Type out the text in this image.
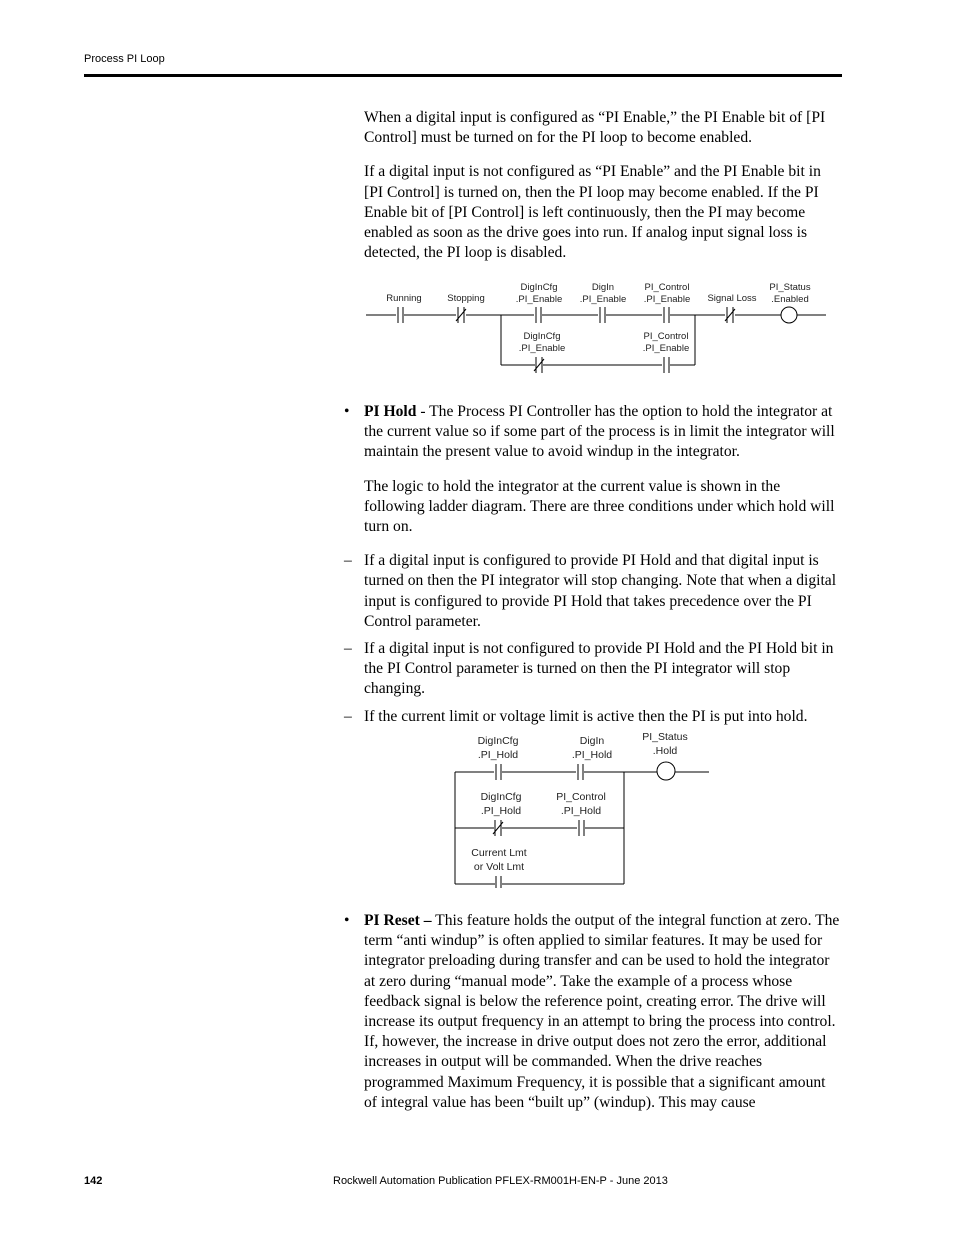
Process PI Loop

When a digital input is configured as “PI Enable,” the PI Enable bit of [PI Control] must be turned on for the PI loop to become enabled.

If a digital input is not configured as “PI Enable” and the PI Enable bit in [PI Control] is turned on, then the PI loop may become enabled. If the PI Enable bit of [PI Control] is left continuously, then the PI may become enabled as soon as the drive goes into run. If analog input signal loss is detected, the PI loop is disabled.

Running	Stopping
DigInCfg
.PI_Enable
DigIn
.PI_Enable
PI_Control
.PI_Enable Signal Loss
PI_Status
.Enabled
DigInCfg
.PI_Enable
PI_Control
.PI_Enable

• PI Hold - The Process PI Controller has the option to hold the integrator at the current value so if some part of the process is in limit the integrator will maintain the present value to avoid windup in the integrator.

The logic to hold the integrator at the current value is shown in the following ladder diagram. There are three conditions under which hold will turn on.

– If a digital input is configured to provide PI Hold and that digital input is turned on then the PI integrator will stop changing. Note that when a digital input is configured to provide PI Hold that takes precedence over the PI Control parameter.

– If a digital input is not configured to provide PI Hold and the PI Hold bit in the PI Control parameter is turned on then the PI integrator will stop changing.

– If the current limit or voltage limit is active then the PI is put into hold.

DigInCfg
.PI_Hold
DigIn
.PI_Hold
PI_Status
.Hold
DigInCfg
.PI_Hold
PI_Control
.PI_Hold
Current Lmt
or Volt Lmt

• PI Reset – This feature holds the output of the integral function at zero. The term “anti windup” is often applied to similar features. It may be used for integrator preloading during transfer and can be used to hold the integrator at zero during “manual mode”. Take the example of a process whose feedback signal is below the reference point, creating error. The drive will increase its output frequency in an attempt to bring the process into control. If, however, the increase in drive output does not zero the error, additional increases in output will be commanded. When the drive reaches programmed Maximum Frequency, it is possible that a significant amount of integral value has been “built up” (windup). This may cause

142	Rockwell Automation Publication PFLEX-RM001H-EN-P - June 2013
